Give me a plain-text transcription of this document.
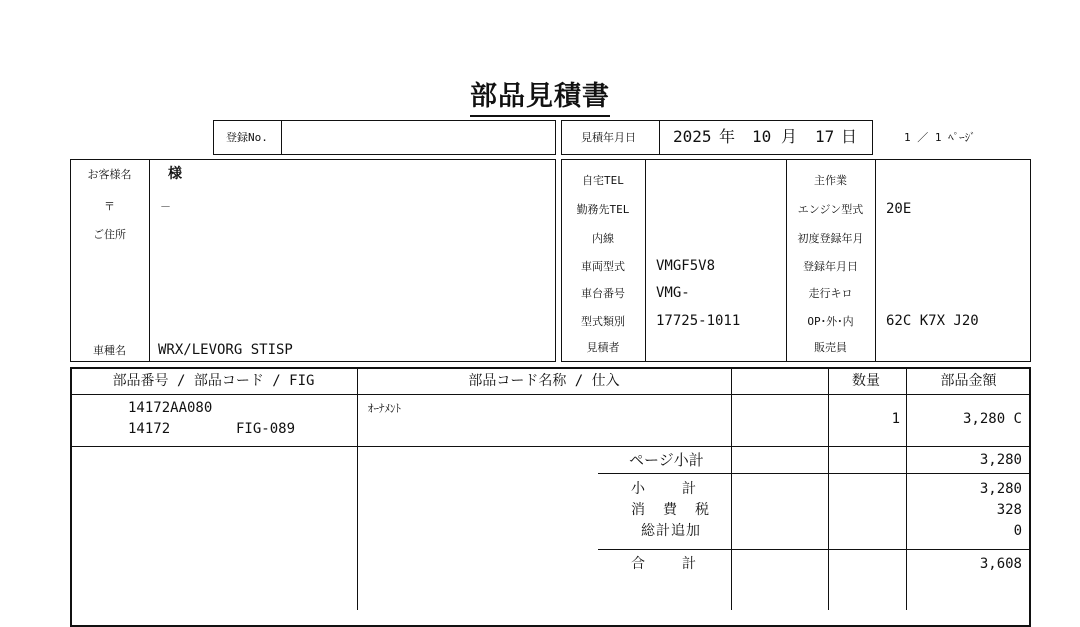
部品見積書
登録No.	見積年月日 2025 年 10 月 17 日	1 ／ 1 ﾍﾟｰｼﾞ
お客様名	様
〒	－
ご住所
車種名	WRX/LEVORG STISP
自宅TEL
勤務先TEL
内線
車両型式	VMGF5V8
車台番号	VMG-
型式類別	17725-1011
見積者
主作業
エンジン型式	20E
初度登録年月
登録年月日
走行キロ
OP･外･内	62C K7X J20
販売員
部品番号 / 部品コード / FIG	部品コード名称 / 仕入	数量	部品金額
14172AA080
14172	FIG-089
ｵｰﾅﾒﾝﾄ
1	3,280 C
ページ小計	3,280
小　　計	3,280
消　費　税	328
総計追加	0
合　　計	3,608
